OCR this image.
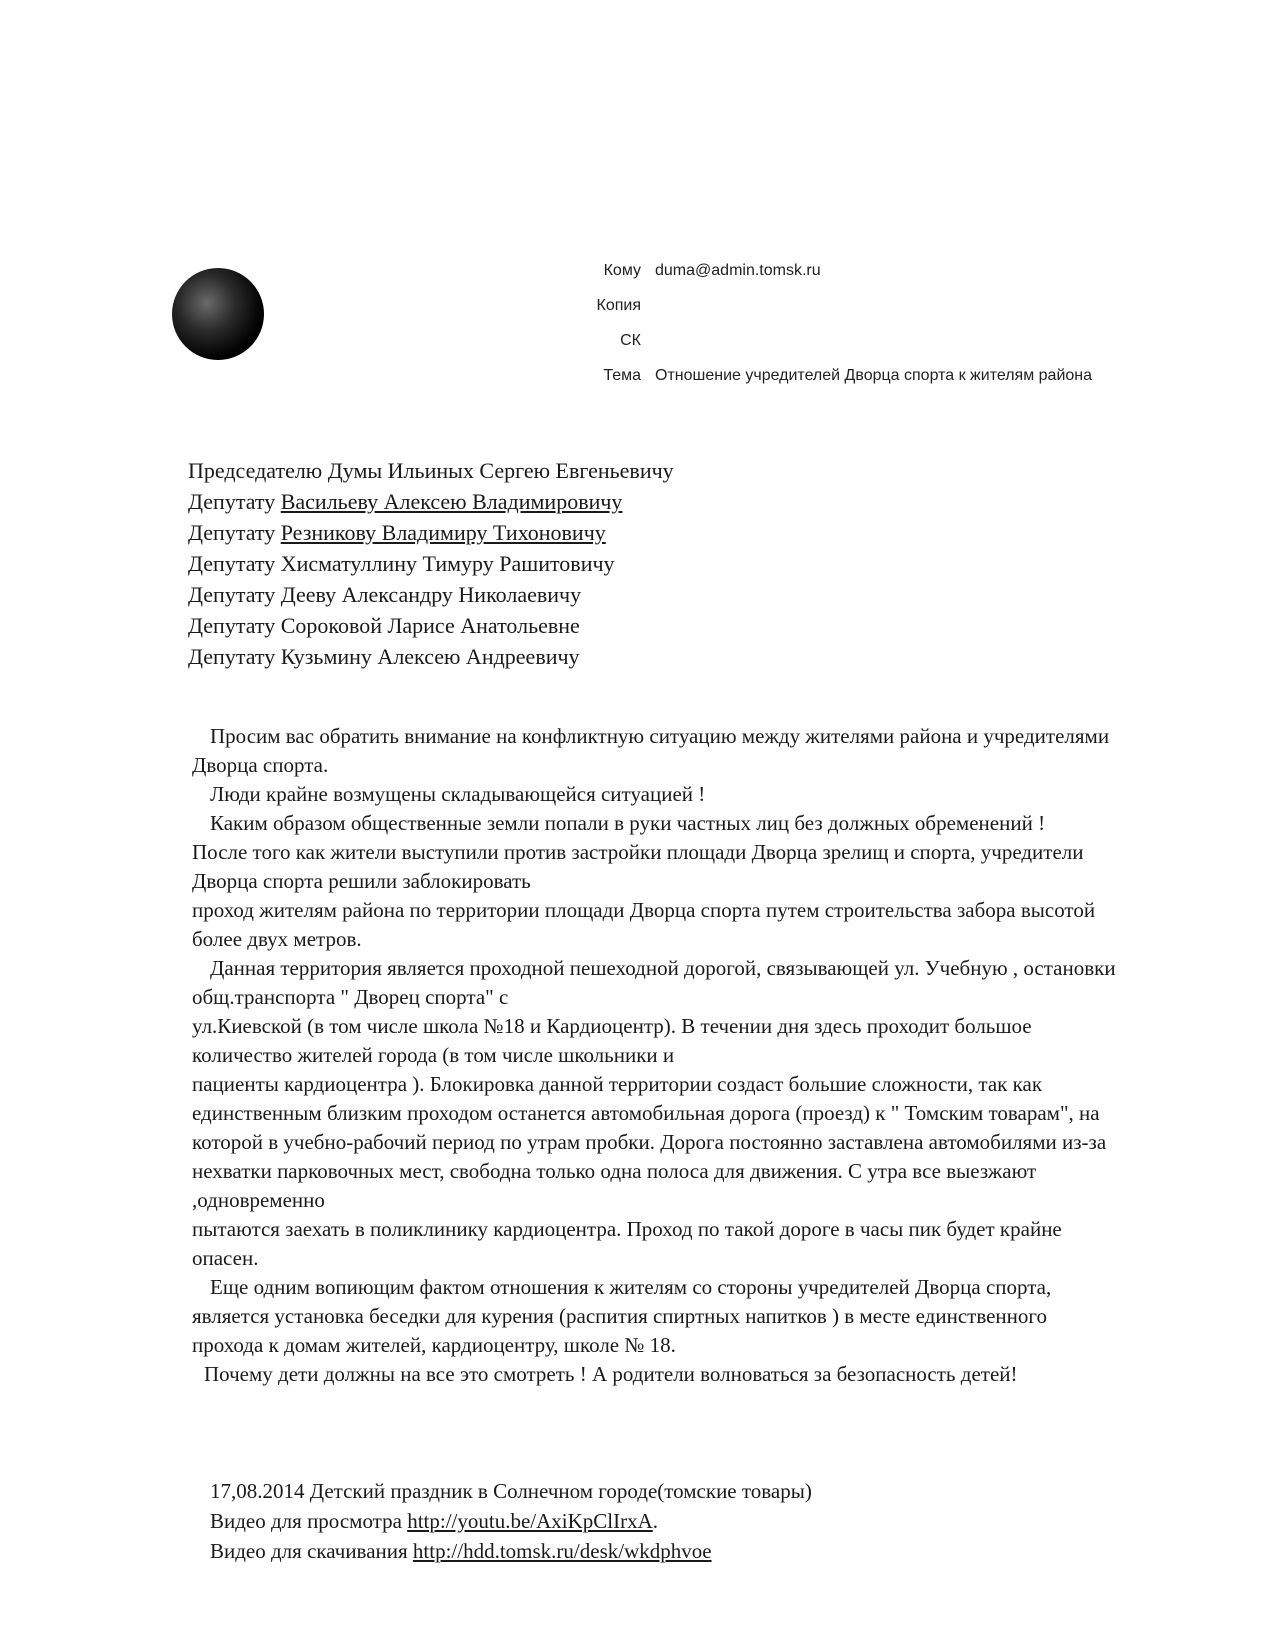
Кому duma@admin.tomsk.ru
Копия
СК
Тема Отношение учредителей Дворца спорта к жителям района
Председателю Думы Ильиных Сергею Евгеньевичу
Депутату Васильеву Алексею Владимировичу
Депутату Резникову Владимиру Тихоновичу
Депутату Хисматуллину Тимуру Рашитовичу
Депутату Дееву Александру Николаевичу
Депутату Сороковой Ларисе Анатольевне
Депутату Кузьмину Алексею Андреевичу

Просим вас обратить внимание на конфликтную ситуацию между жителями района и учредителями Дворца спорта.

Люди крайне возмущены складывающейся ситуацией !

Каким образом общественные земли попали в руки частных лиц без должных обременений !

После того как жители выступили против застройки площади Дворца зрелищ и спорта, учредители Дворца спорта решили заблокировать

проход жителям района по территории площади Дворца спорта путем строительства забора высотой более двух метров.

Данная территория является проходной пешеходной дорогой, связывающей ул. Учебную , остановки общ.транспорта " Дворец спорта" с

ул.Киевской (в том числе школа №18 и Кардиоцентр). В течении дня здесь проходит большое количество жителей города (в том числе школьники и

пациенты кардиоцентра ). Блокировка данной территории создаст большие сложности, так как единственным близким проходом останется автомобильная дорога (проезд) к " Томским товарам", на которой в учебно-рабочий период по утрам пробки. Дорога постоянно заставлена автомобилями из-за нехватки парковочных мест, свободна только одна полоса для движения. С утра все выезжают ,одновременно

пытаются заехать в поликлинику кардиоцентра. Проход по такой дороге в часы пик будет крайне опасен.

Еще одним вопиющим фактом отношения к жителям со стороны учредителей Дворца спорта, является установка беседки для курения (распития спиртных напитков ) в месте единственного прохода к домам жителей, кардиоцентру, школе № 18.

Почему дети должны на все это смотреть ! А родители волноваться за безопасность детей!

17,08.2014 Детский праздник в Солнечном городе(томские товары)
Видео для просмотра http://youtu.be/AxiKpClIrxA.
Видео для скачивания http://hdd.tomsk.ru/desk/wkdphvoe
